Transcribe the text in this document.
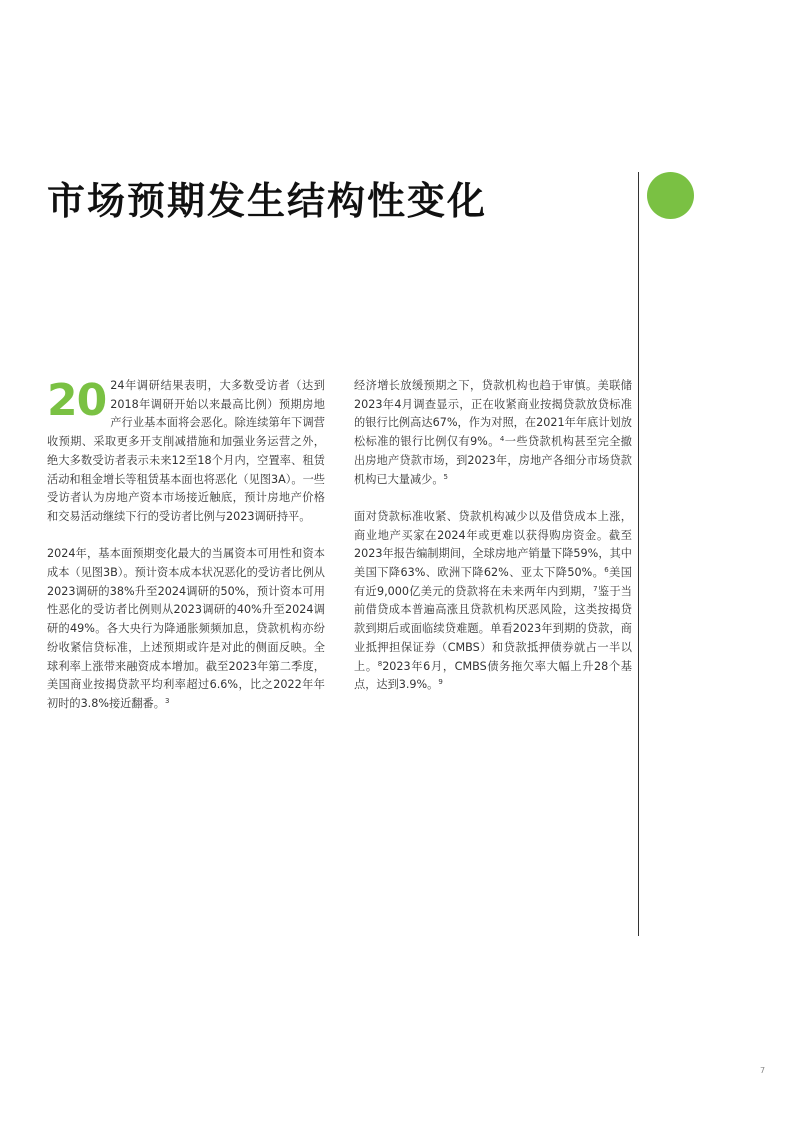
市场预期发生结构性变化

20 24年调研结果表明，大多数受访者（达到2018年调研开始以来最高比例）预期房地产行业基本面将会恶化。除连续第年下调营收预期、采取更多开支削减措施和加强业务运营之外，绝大多数受访者表示未来12至18个月内，空置率、租赁活动和租金增长等租赁基本面也将恶化（见图3A）。一些受访者认为房地产资本市场接近触底，预计房地产价格和交易活动继续下行的受访者比例与2023调研持平。

2024年，基本面预期变化最大的当属资本可用性和资本成本（见图3B）。预计资本成本状况恶化的受访者比例从2023调研的38%升至2024调研的50%，预计资本可用性恶化的受访者比例则从2023调研的40%升至2024调研的49%。各大央行为降通胀频频加息，贷款机构亦纷纷收紧信贷标准，上述预期或许是对此的侧面反映。全球利率上涨带来融资成本增加。截至2023年第二季度，美国商业按揭贷款平均利率超过6.6%，比之2022年年初时的3.8%接近翻番。$^3$

经济增长放缓预期之下，贷款机构也趋于审慎。美联储2023年4月调查显示，正在收紧商业按揭贷款放贷标准的银行比例高达67%，作为对照，在2021年年底计划放松标准的银行比例仅有9%。$^4$一些贷款机构甚至完全撤出房地产贷款市场，到2023年，房地产各细分市场贷款机构已大量减少。$^5$

面对贷款标准收紧、贷款机构减少以及借贷成本上涨，商业地产买家在2024年或更难以获得购房资金。截至2023年报告编制期间，全球房地产销量下降59%，其中美国下降63%、欧洲下降62%、亚太下降50%。$^6$美国有近9,000亿美元的贷款将在未来两年内到期，$^7$鉴于当前借贷成本普遍高涨且贷款机构厌恶风险，这类按揭贷款到期后或面临续贷难题。单看2023年到期的贷款，商业抵押担保证券（CMBS）和贷款抵押债券就占一半以上。$^8$2023年6月，CMBS债务拖欠率大幅上升28个基点，达到3.9%。$^9$

7
